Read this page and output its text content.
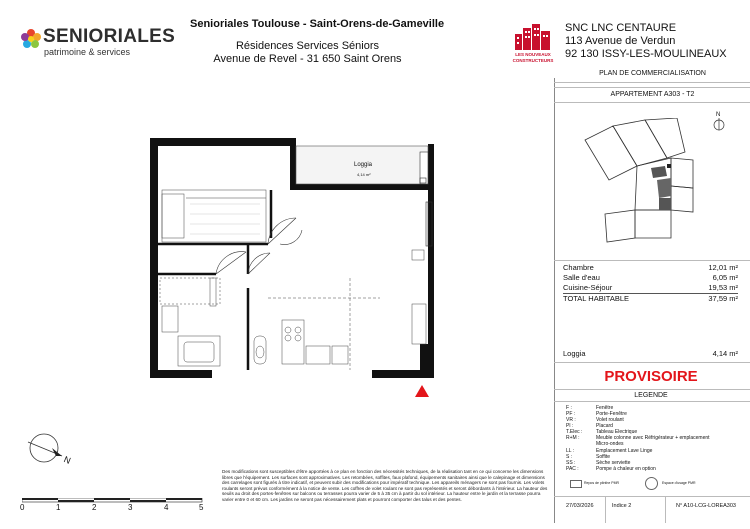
SENIORIALES
patrimoine & services
Senioriales Toulouse - Saint-Orens-de-Gameville
Résidences Services Séniors
Avenue de Revel - 31 650 Saint Orens	LES NOUVEAUX
CONSTRUCTEURS
SNC LNC CENTAURE
113 Avenue de Verdun
92 130 ISSY-LES-MOULINEAUX
PLAN DE COMMERCIALISATION
APPARTEMENT A303 - T2
N
Chambre	12,01 m²
Salle d'eau	6,05 m²
Cuisine-Séjour	19,53 m²
TOTAL HABITABLE	37,59 m²
Loggia	4,14 m²
PROVISOIRE
LEGENDE
F :	Fenêtre
PF :	Porte-Fenêtre
VR :	Volet roulant
Pl :	Placard
T.Elec :	Tableau Electrique
R+M :	Meuble colonne avec Réfrigérateur + emplacement Micro-ondes
LL :	Emplacement Lave Linge
S :	Soffite
SS :	Sèche serviette
PAC :	Pompe à chaleur en option
Repos de plinthe PMR	Espace d'usage PMR
27/03/2026	Indice 2	N° A10-LCG-LOREA303
Loggia
4,14 m²
N
0	1	2	3	4	5
Des modifications sont susceptibles d'être apportées à ce plan en fonction des nécessités techniques, de la réalisation tant en ce qui concerne les dimensions libres que l'équipement. Les surfaces sont approximatives. Les retombées, soffites, faux plafond, équipements sanitaires ainsi que le calepinage et dimensions des carrelages sont figurés à titre indicatif, et peuvent subir des modifications pour impératif technique. Les appareils ménagers ne sont pas fournis. Les volets roulants seront prévus conformément à la notice de vente. Les coffres de volet roulant ne sont pas représentés et seront débordants à l'intérieur. La hauteur des seuils au droit des portes-fenêtres sur balcons ou terrasses pourra varier de 5 à 35 cm à partir du sol intérieur. La hauteur entre le jardin et la terrasse pourra varier entre 0 et 60 cm. Les jardins ne seront pas nécessairement plats et pourront comporter des talus et des pentes.
